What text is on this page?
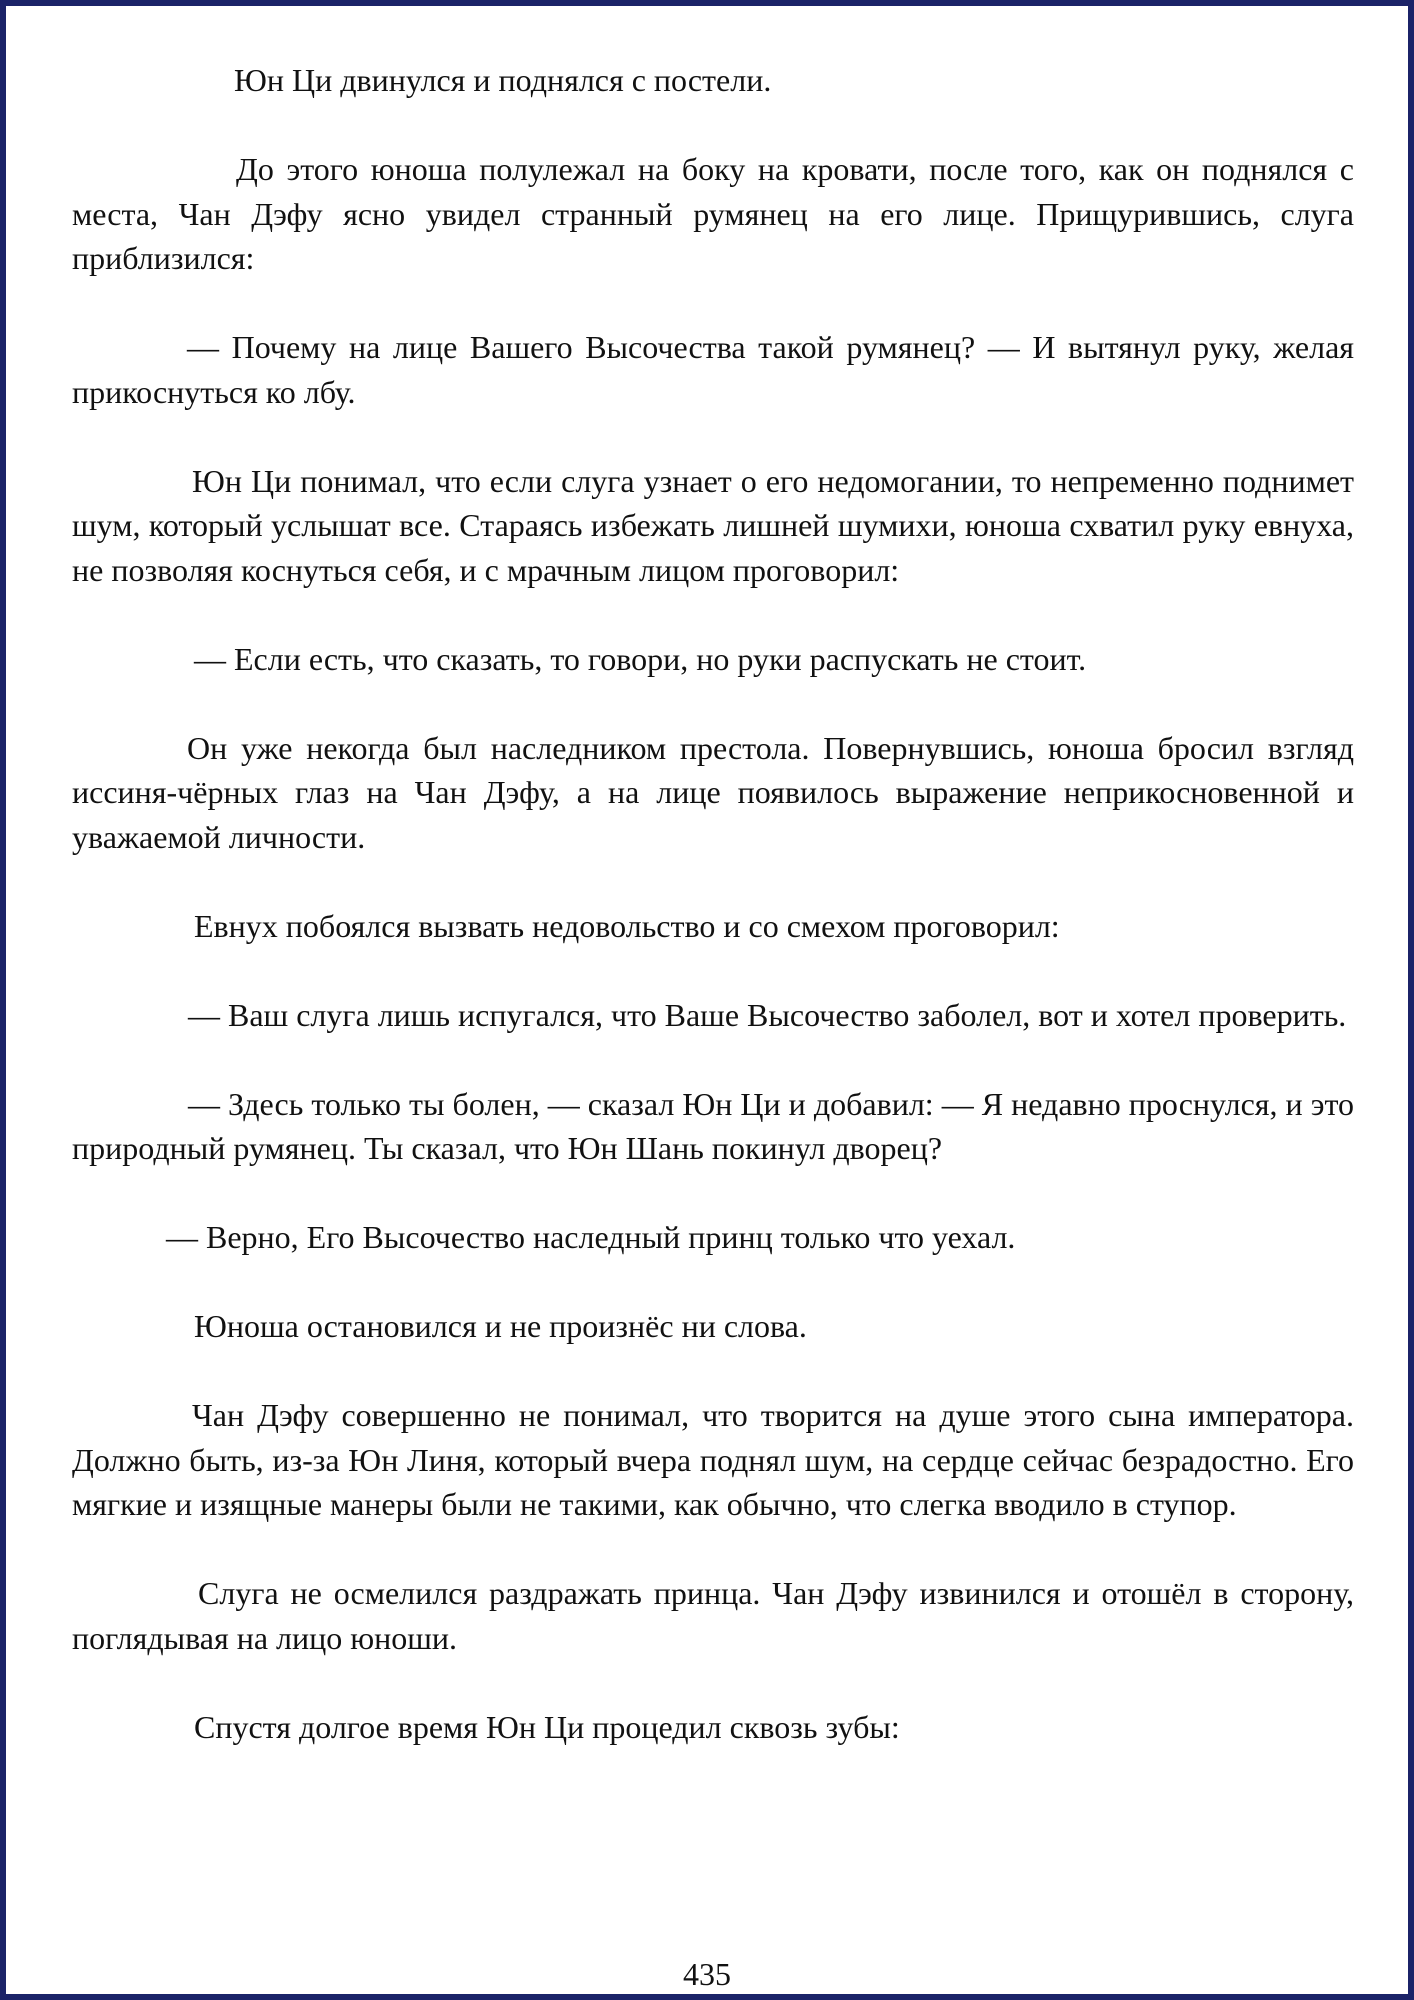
Юн Ци двинулся и поднялся с постели.

До этого юноша полулежал на боку на кровати, после того, как он поднялся с места, Чан Дэфу ясно увидел странный румянец на его лице. Прищурившись, слуга приблизился:

— Почему на лице Вашего Высочества такой румянец? — И вытянул руку, желая прикоснуться ко лбу.

Юн Ци понимал, что если слуга узнает о его недомогании, то непременно поднимет шум, который услышат все. Стараясь избежать лишней шумихи, юноша схватил руку евнуха, не позволяя коснуться себя, и с мрачным лицом проговорил:

— Если есть, что сказать, то говори, но руки распускать не стоит.

Он уже некогда был наследником престола. Повернувшись, юноша бросил взгляд иссиня-чёрных глаз на Чан Дэфу, а на лице появилось выражение неприкосновенной и уважаемой личности.

Евнух побоялся вызвать недовольство и со смехом проговорил:

— Ваш слуга лишь испугался, что Ваше Высочество заболел, вот и хотел проверить.

— Здесь только ты болен, — сказал Юн Ци и добавил: — Я недавно проснулся, и это природный румянец. Ты сказал, что Юн Шань покинул дворец?

— Верно, Его Высочество наследный принц только что уехал.

Юноша остановился и не произнёс ни слова.

Чан Дэфу совершенно не понимал, что творится на душе этого сына императора. Должно быть, из-за Юн Линя, который вчера поднял шум, на сердце сейчас безрадостно. Его мягкие и изящные манеры были не такими, как обычно, что слегка вводило в ступор.

Слуга не осмелился раздражать принца. Чан Дэфу извинился и отошёл в сторону, поглядывая на лицо юноши.

Спустя долгое время Юн Ци процедил сквозь зубы:

435
